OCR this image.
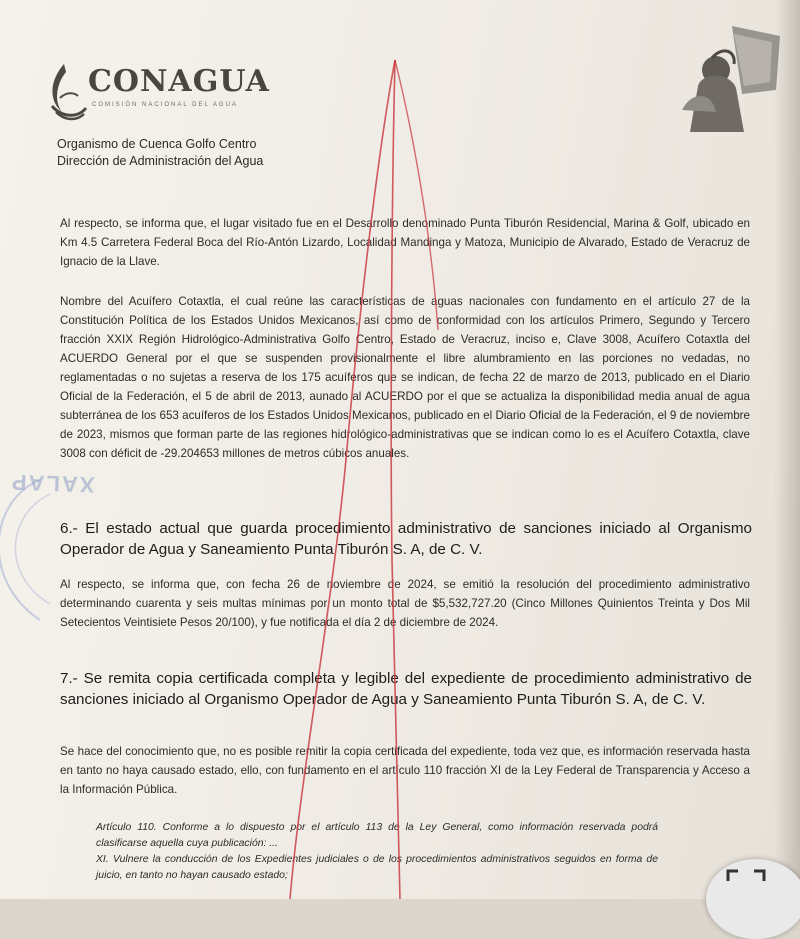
CONAGUA
COMISIÓN NACIONAL DEL AGUA
Organismo de Cuenca Golfo Centro
Dirección de Administración del Agua
Al respecto, se informa que, el lugar visitado fue en el Desarrollo denominado Punta Tiburón Residencial, Marina & Golf, ubicado en Km 4.5 Carretera Federal Boca del Río-Antón Lizardo, Localidad Mandinga y Matoza, Municipio de Alvarado, Estado de Veracruz de Ignacio de la Llave.
Nombre del Acuífero Cotaxtla, el cual reúne las características de aguas nacionales con fundamento en el artículo 27 de la Constitución Política de los Estados Unidos Mexicanos, así como de conformidad con los artículos Primero, Segundo y Tercero fracción XXIX Región Hidrológico-Administrativa Golfo Centro, Estado de Veracruz, inciso e, Clave 3008, Acuífero Cotaxtla del ACUERDO General por el que se suspenden provisionalmente el libre alumbramiento en las porciones no vedadas, no reglamentadas o no sujetas a reserva de los 175 acuíferos que se indican, de fecha 22 de marzo de 2013, publicado en el Diario Oficial de la Federación, el 5 de abril de 2013, aunado al ACUERDO por el que se actualiza la disponibilidad media anual de agua subterránea de los 653 acuíferos de los Estados Unidos Mexicanos, publicado en el Diario Oficial de la Federación, el 9 de noviembre de 2023, mismos que forman parte de las regiones hidrológico-administrativas que se indican como lo es el Acuífero Cotaxtla, clave 3008 con déficit de -29.204653 millones de metros cúbicos anuales.
XALAP
6.- El estado actual que guarda procedimiento administrativo de sanciones iniciado al Organismo Operador de Agua y Saneamiento Punta Tiburón S. A, de C. V.
Al respecto, se informa que, con fecha 26 de noviembre de 2024, se emitió la resolución del procedimiento administrativo determinando cuarenta y seis multas mínimas por un monto total de $5,532,727.20 (Cinco Millones Quinientos Treinta y Dos Mil Setecientos Veintisiete Pesos 20/100), y fue notificada el día 2 de diciembre de 2024.
7.- Se remita copia certificada completa y legible del expediente de procedimiento administrativo de sanciones iniciado al Organismo Operador de Agua y Saneamiento Punta Tiburón S. A, de C. V.
Se hace del conocimiento que, no es posible remitir la copia certificada del expediente, toda vez que, es información reservada hasta en tanto no haya causado estado, ello, con fundamento en el artículo 110 fracción XI de la Ley Federal de Transparencia y Acceso a la Información Pública.
Artículo 110. Conforme a lo dispuesto por el artículo 113 de la Ley General, como información reservada podrá clasificarse aquella cuya publicación: ...
XI. Vulnere la conducción de los Expedientes judiciales o de los procedimientos administrativos seguidos en forma de juicio, en tanto no hayan causado estado;
